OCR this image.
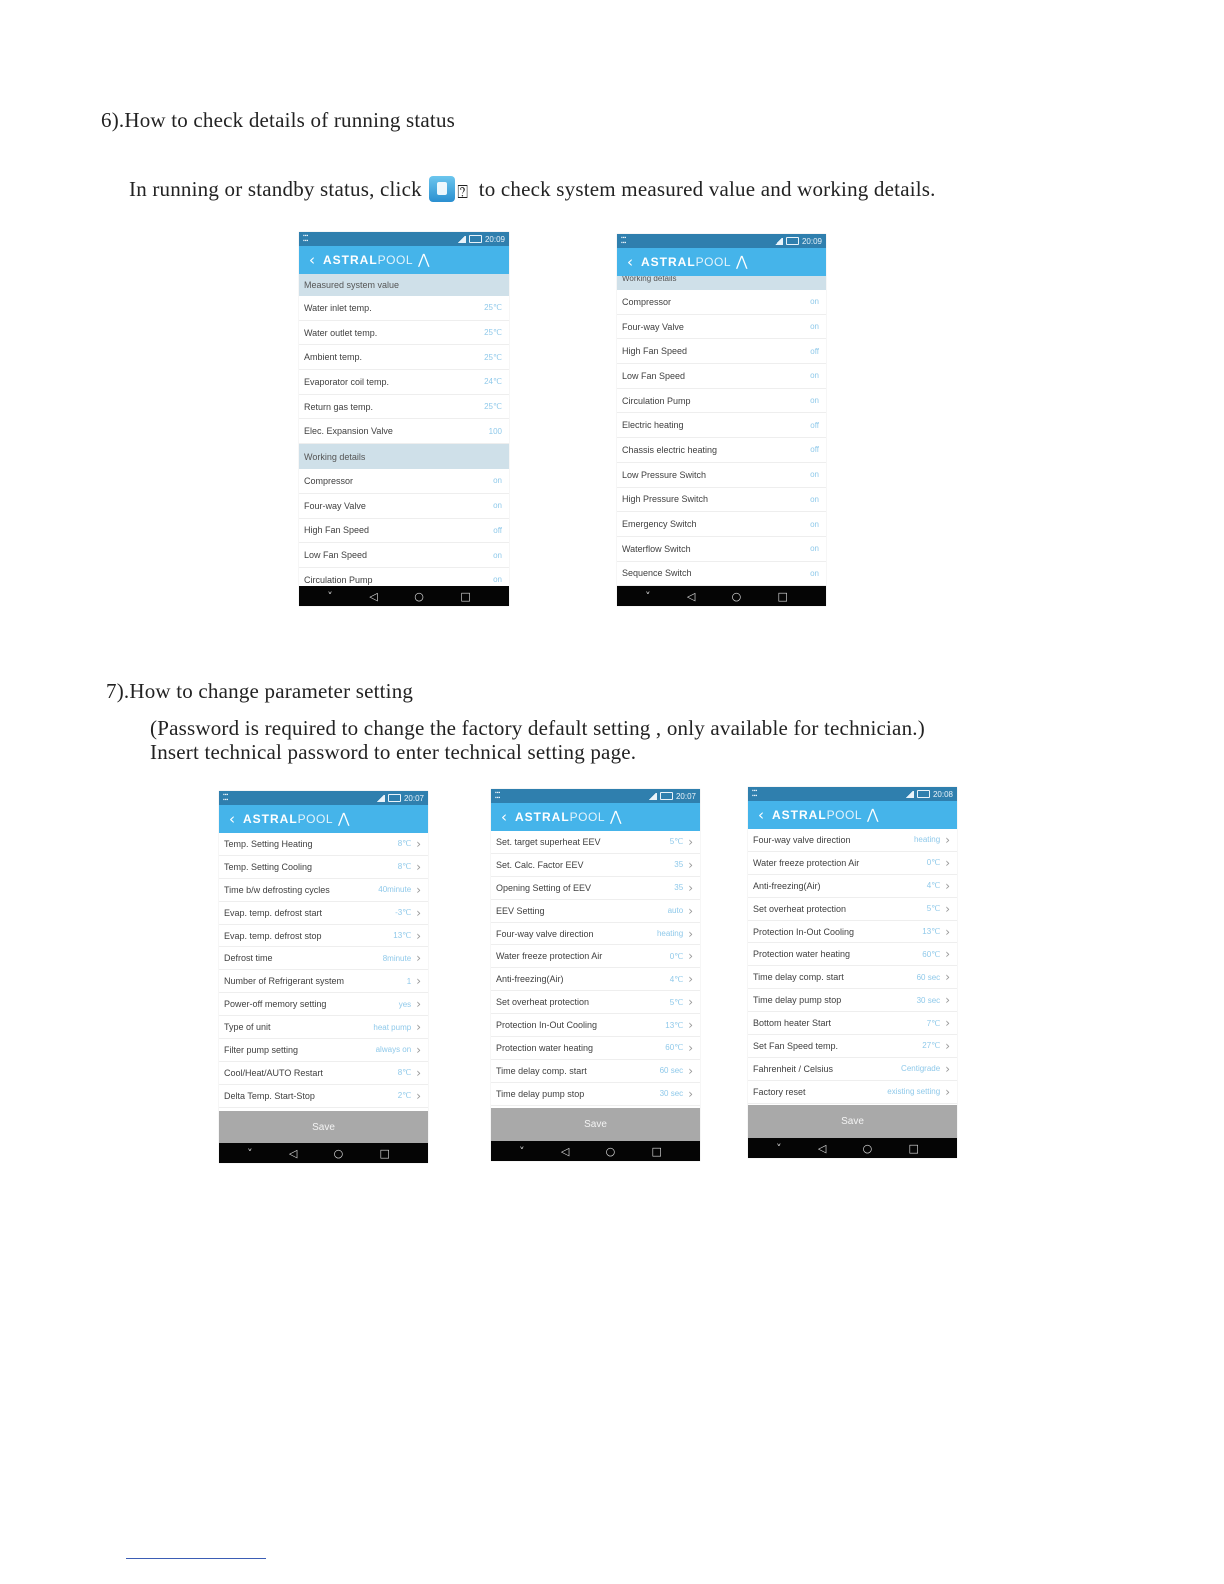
6).How to check details of running status
In running or standby status, click ⍰ to check system measured value and working details.
▪▪▪
▪▪▪	20:09
‹ ASTRALPOOL ⋀
Measured system value
Water inlet temp.	25℃
Water outlet temp.	25℃
Ambient temp.	25℃
Evaporator coil temp.	24℃
Return gas temp.	25℃
Elec. Expansion Valve	100
Working details
Compressor	on
Four-way Valve	on
High Fan Speed	off
Low Fan Speed	on
Circulation Pump	on
˅	◁	○	□
▪▪▪
▪▪▪	20:09
‹ ASTRALPOOL ⋀
Working details
Compressor	on
Four-way Valve	on
High Fan Speed	off
Low Fan Speed	on
Circulation Pump	on
Electric heating	off
Chassis electric heating	off
Low Pressure Switch	on
High Pressure Switch	on
Emergency Switch	on
Waterflow Switch	on
Sequence Switch	on
˅	◁	○	□
7).How to change parameter setting
(Password is required to change the factory default setting , only available for technician.)
Insert technical password to enter technical setting page.
▪▪▪
▪▪▪	20:07
‹ ASTRALPOOL ⋀
Temp. Setting Heating	8℃ ›
Temp. Setting Cooling	8℃ ›
Time b/w defrosting cycles	40minute ›
Evap. temp. defrost start	-3℃ ›
Evap. temp. defrost stop	13℃ ›
Defrost time	8minute ›
Number of Refrigerant system	1 ›
Power-off memory setting	yes ›
Type of unit	heat pump ›
Filter pump setting	always on ›
Cool/Heat/AUTO Restart	8℃ ›
Delta Temp. Start-Stop	2℃ ›
Save
˅	◁	○	□
▪▪▪
▪▪▪	20:07
‹ ASTRALPOOL ⋀
Set. target superheat EEV	5℃ ›
Set. Calc. Factor EEV	35 ›
Opening Setting of EEV	35 ›
EEV Setting	auto ›
Four-way valve direction	heating ›
Water freeze protection Air	0℃ ›
Anti-freezing(Air)	4℃ ›
Set overheat protection	5℃ ›
Protection In-Out Cooling	13℃ ›
Protection water heating	60℃ ›
Time delay comp. start	60 sec ›
Time delay pump stop	30 sec ›
Save
˅	◁	○	□
▪▪▪
▪▪▪	20:08
‹ ASTRALPOOL ⋀
Four-way valve direction	heating ›
Water freeze protection Air	0℃ ›
Anti-freezing(Air)	4℃ ›
Set overheat protection	5℃ ›
Protection In-Out Cooling	13℃ ›
Protection water heating	60℃ ›
Time delay comp. start	60 sec ›
Time delay pump stop	30 sec ›
Bottom heater Start	7℃ ›
Set Fan Speed temp.	27℃ ›
Fahrenheit / Celsius	Centigrade ›
Factory reset	existing setting ›
Save
˅	◁	○	□
